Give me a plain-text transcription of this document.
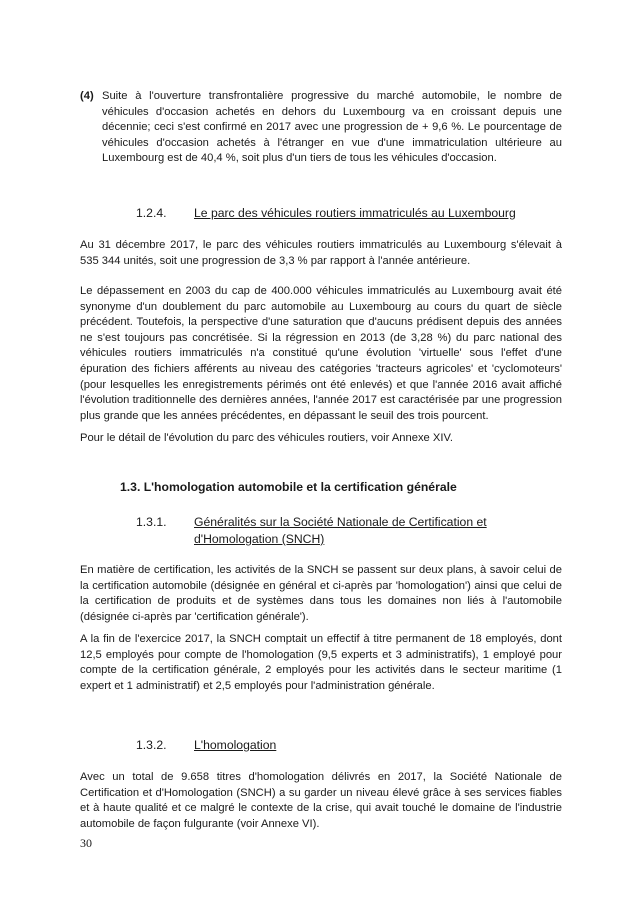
(4) Suite à l'ouverture transfrontalière progressive du marché automobile, le nombre de véhicules d'occasion achetés en dehors du Luxembourg va en croissant depuis une décennie; ceci s'est confirmé en 2017 avec une progression de + 9,6 %. Le pourcentage de véhicules d'occasion achetés à l'étranger en vue d'une immatriculation ultérieure au Luxembourg est de 40,4 %, soit plus d'un tiers de tous les véhicules d'occasion.

1.2.4. Le parc des véhicules routiers immatriculés au Luxembourg

Au 31 décembre 2017, le parc des véhicules routiers immatriculés au Luxembourg s'élevait à 535 344 unités, soit une progression de 3,3 % par rapport à l'année antérieure.

Le dépassement en 2003 du cap de 400.000 véhicules immatriculés au Luxembourg avait été synonyme d'un doublement du parc automobile au Luxembourg au cours du quart de siècle précédent. Toutefois, la perspective d'une saturation que d'aucuns prédisent depuis des années ne s'est toujours pas concrétisée. Si la régression en 2013 (de 3,28 %) du parc national des véhicules routiers immatriculés n'a constitué qu'une évolution 'virtuelle' sous l'effet d'une épuration des fichiers afférents au niveau des catégories 'tracteurs agricoles' et 'cyclomoteurs' (pour lesquelles les enregistrements périmés ont été enlevés) et que l'année 2016 avait affiché l'évolution traditionnelle des dernières années, l'année 2017 est caractérisée par une progression plus grande que les années précédentes, en dépassant le seuil des trois pourcent.

Pour le détail de l'évolution du parc des véhicules routiers, voir Annexe XIV.

1.3. L'homologation automobile et la certification générale
1.3.1. Généralités sur la Société Nationale de Certification et
d'Homologation (SNCH)

En matière de certification, les activités de la SNCH se passent sur deux plans, à savoir celui de la certification automobile (désignée en général et ci-après par 'homologation') ainsi que celui de la certification de produits et de systèmes dans tous les domaines non liés à l'automobile (désignée ci-après par 'certification générale').

A la fin de l'exercice 2017, la SNCH comptait un effectif à titre permanent de 18 employés, dont 12,5 employés pour compte de l'homologation (9,5 experts et 3 administratifs), 1 employé pour compte de la certification générale, 2 employés pour les activités dans le secteur maritime (1 expert et 1 administratif) et 2,5 employés pour l'administration générale.

1.3.2. L'homologation

Avec un total de 9.658 titres d'homologation délivrés en 2017, la Société Nationale de Certification et d'Homologation (SNCH) a su garder un niveau élevé grâce à ses services fiables et à haute qualité et ce malgré le contexte de la crise, qui avait touché le domaine de l'industrie automobile de façon fulgurante (voir Annexe VI).

30
